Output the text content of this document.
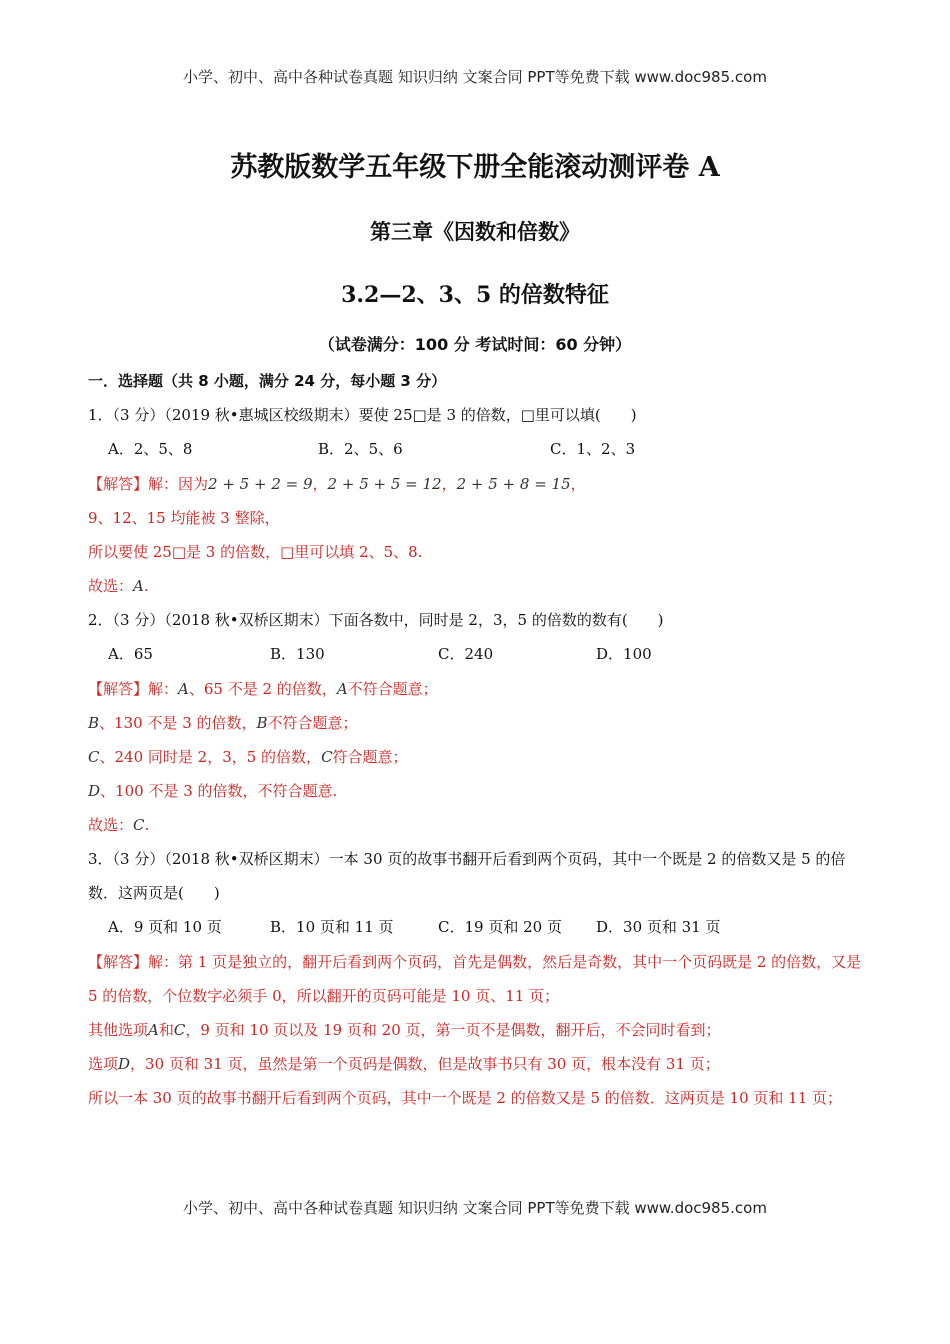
小学、初中、高中各种试卷真题 知识归纳 文案合同 PPT等免费下载 www.doc985.com
苏教版数学五年级下册全能滚动测评卷 A
第三章《因数和倍数》
3.2—2、3、5 的倍数特征
（试卷满分：100 分 考试时间：60 分钟）
一．选择题（共 8 小题，满分 24 分，每小题 3 分）
1．（3 分）（2019 秋•惠城区校级期末）要使 25□是 3 的倍数，□里可以填(　　)
A．2、5、8	B．2、5、6	C．1、2、3
【解答】解：因为2 + 5 + 2 = 9，2 + 5 + 5 = 12，2 + 5 + 8 = 15，
9、12、15 均能被 3 整除，
所以要使 25□是 3 的倍数，□里可以填 2、5、8.
故选：A.
2．（3 分）（2018 秋•双桥区期末）下面各数中，同时是 2，3，5 的倍数的数有(　　)
A．65	B．130	C．240	D．100
【解答】解：A、65 不是 2 的倍数，A不符合题意；
B、130 不是 3 的倍数，B不符合题意；
C、240 同时是 2，3，5 的倍数，C符合题意；
D、100 不是 3 的倍数，不符合题意.
故选：C.
3．（3 分）（2018 秋•双桥区期末）一本 30 页的故事书翻开后看到两个页码，其中一个既是 2 的倍数又是 5 的倍数．这两页是(　　)
A．9 页和 10 页	B．10 页和 11 页	C．19 页和 20 页	D．30 页和 31 页
【解答】解：第 1 页是独立的，翻开后看到两个页码，首先是偶数，然后是奇数，其中一个页码既是 2 的倍数，又是 5 的倍数，个位数字必须手 0，所以翻开的页码可能是 10 页、11 页；
其他选项A和C，9 页和 10 页以及 19 页和 20 页，第一页不是偶数，翻开后，不会同时看到；
选项D，30 页和 31 页，虽然是第一个页码是偶数，但是故事书只有 30 页，根本没有 31 页；
所以一本 30 页的故事书翻开后看到两个页码，其中一个既是 2 的倍数又是 5 的倍数．这两页是 10 页和 11 页；
小学、初中、高中各种试卷真题 知识归纳 文案合同 PPT等免费下载 www.doc985.com
